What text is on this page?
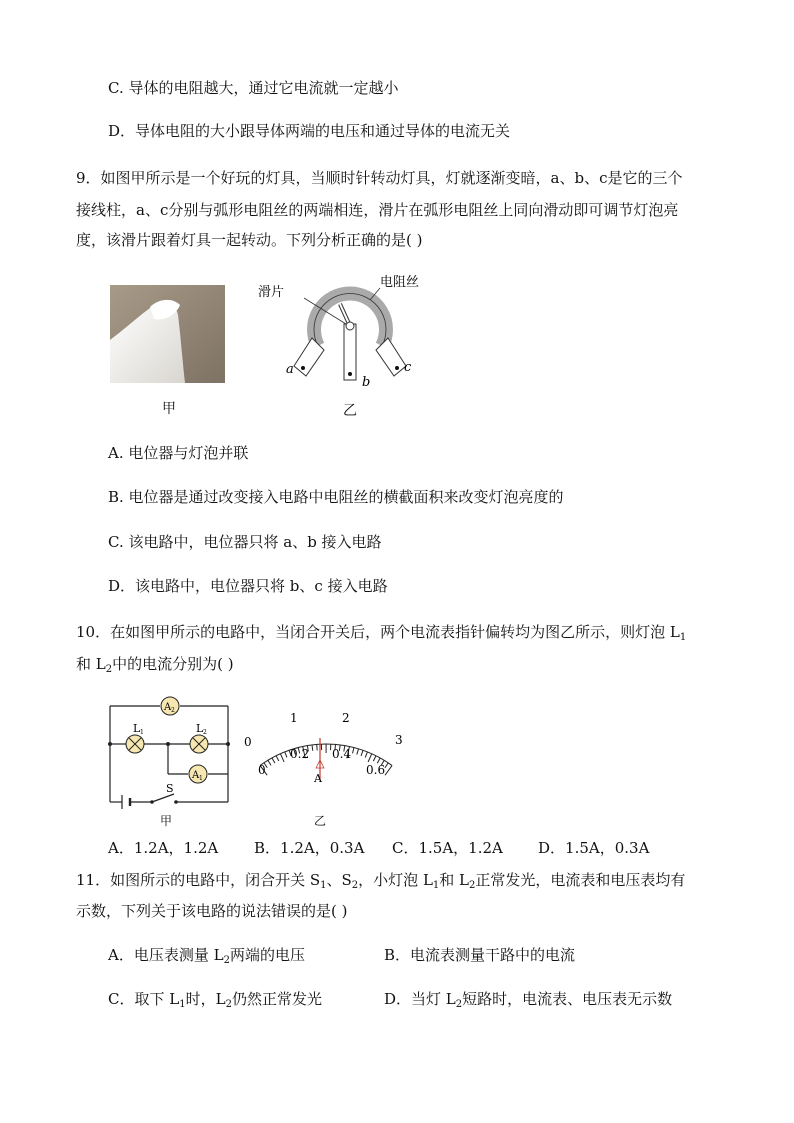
C. 导体的电阻越大，通过它电流就一定越小
D．导体电阻的大小跟导体两端的电压和通过导体的电流无关
9．如图甲所示是一个好玩的灯具，当顺时针转动灯具，灯就逐渐变暗，a、b、c是它的三个
接线柱，a、c分别与弧形电阻丝的两端相连，滑片在弧形电阻丝上同向滑动即可调节灯泡亮
度，该滑片跟着灯具一起转动。下列分析正确的是( )
甲
滑片
电阻丝
a
b
c
乙
A. 电位器与灯泡并联
B. 电位器是通过改变接入电路中电阻丝的横截面积来改变灯泡亮度的
C. 该电路中，电位器只将 a、b 接入电路
D．该电路中，电位器只将 b、c 接入电路
10．在如图甲所示的电路中，当闭合开关后，两个电流表指针偏转均为图乙所示，则灯泡 $L_1$
和 $L_2$中的电流分别为( )
A 2
L 1	L 2
A 1
S
甲
0
1	2
3
0
0.2 0.4
0.6
A
乙
A．1.2A，1.2A B．1.2A，0.3A C．1.5A，1.2A D．1.5A，0.3A
11．如图所示的电路中，闭合开关 $S_1$、$S_2$，小灯泡 $L_1$和 $L_2$正常发光，电流表和电压表均有
示数，下列关于该电路的说法错误的是( )
A．电压表测量 $L_2$两端的电压	B．电流表测量干路中的电流
C．取下 $L_1$时，$L_2$仍然正常发光	D．当灯 $L_2$短路时，电流表、电压表无示数
